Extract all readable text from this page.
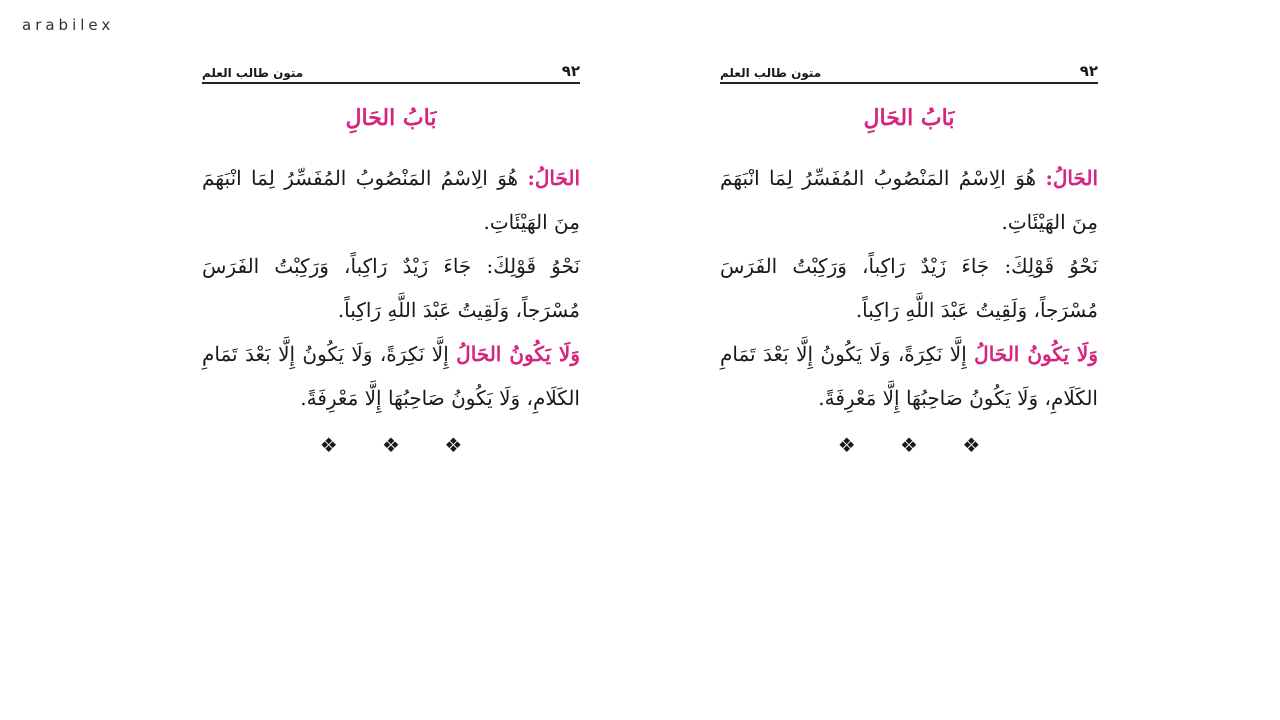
arabilex
٩٢
متون طالب العلم
بَابُ الحَالِ

الحَالُ: هُوَ الِاسْمُ المَنْصُوبُ المُفَسِّرُ لِمَا انْبَهَمَ مِنَ الهَيْئَاتِ.

نَحْوُ قَوْلِكَ: جَاءَ زَيْدٌ رَاكِباً، وَرَكِبْتُ الفَرَسَ مُسْرَجاً، وَلَقِيتُ عَبْدَ اللَّهِ رَاكِباً.

وَلَا يَكُونُ الحَالُ إِلَّا نَكِرَةً، وَلَا يَكُونُ إِلَّا بَعْدَ تَمَامِ الكَلَامِ، وَلَا يَكُونُ صَاحِبُهَا إِلَّا مَعْرِفَةً.

❖ ❖ ❖
٩٢
متون طالب العلم
بَابُ الحَالِ

الحَالُ: هُوَ الِاسْمُ المَنْصُوبُ المُفَسِّرُ لِمَا انْبَهَمَ مِنَ الهَيْئَاتِ.

نَحْوُ قَوْلِكَ: جَاءَ زَيْدٌ رَاكِباً، وَرَكِبْتُ الفَرَسَ مُسْرَجاً، وَلَقِيتُ عَبْدَ اللَّهِ رَاكِباً.

وَلَا يَكُونُ الحَالُ إِلَّا نَكِرَةً، وَلَا يَكُونُ إِلَّا بَعْدَ تَمَامِ الكَلَامِ، وَلَا يَكُونُ صَاحِبُهَا إِلَّا مَعْرِفَةً.

❖ ❖ ❖
